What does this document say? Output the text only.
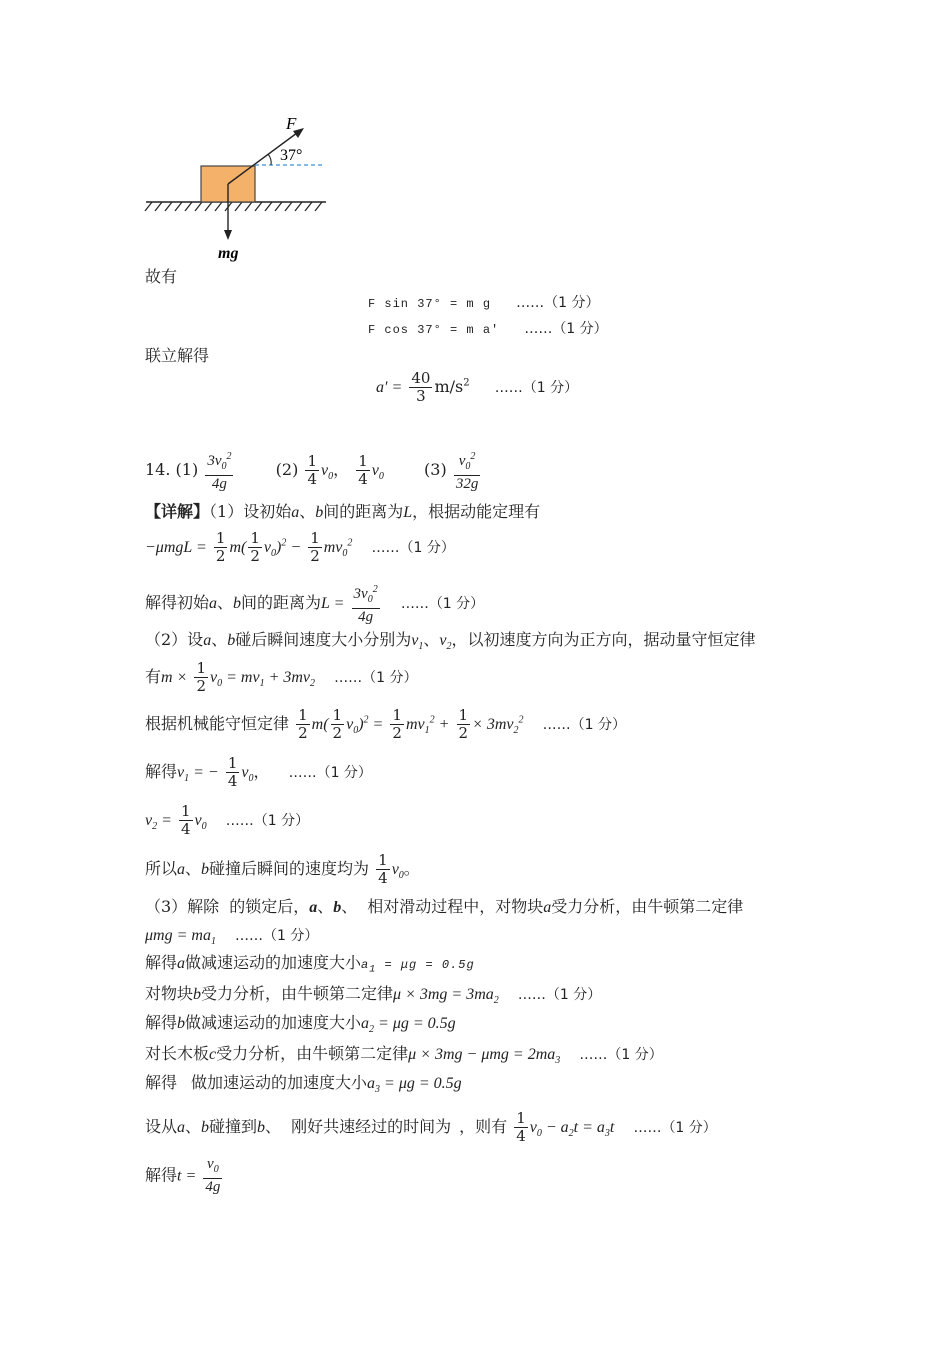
F
37°
mg
故有
F sin 37° = m g ……（1 分）
F cos 37° = m a′ ……（1 分）
联立解得
$a' = \frac{40}{3} m/s^2$ ……（1 分）
14. $(1) \frac{3v_0^2}{4g}$	$(2) \frac{1}{4} v_0$， $\frac{1}{4} v_0$	$(3) \frac{v_0^2}{32g}$
【详解】（1）设初始a、b间的距离为L，根据动能定理有
$-\mu mgL = \frac{1}{2} m( \frac{1}{2} v_0)^2 - \frac{1}{2} mv_0^2$ ……（1 分）
解得初始a、b间的距离为$L = \frac{3v_0^2}{4g}$ ……（1 分）
（2）设a、b碰后瞬间速度大小分别为$v_1$、$v_2$，以初速度方向为正方向，据动量守恒定律
有$m \times \frac{1}{2} v_0 = mv_1 + 3mv_2$ ……（1 分）
根据机械能守恒定律 $\frac{1}{2} m( \frac{1}{2} v_0)^2 = \frac{1}{2} mv_1^2 + \frac{1}{2} \times 3mv_2^2$ ……（1 分）
解得$v_1$ = − $\frac{1}{4} v_0$， ……（1 分）
$v_2 = \frac{1}{4} v_0$ ……（1 分）
所以a、b碰撞后瞬间的速度均为 $\frac{1}{4} v_0$。
（3）解除 的锁定后，a、b、 相对滑动过程中，对物块a受力分析，由牛顿第二定律
$\mu mg = ma_1$ ……（1 分）
解得a做减速运动的加速度大小$a_1 = \mu g = 0.5g$
对物块b受力分析，由牛顿第二定律$\mu \times 3mg = 3ma_2$ ……（1 分）
解得b做减速运动的加速度大小$a_2 = \mu g = 0.5g$
对长木板c受力分析，由牛顿第二定律$\mu \times 3mg - \mu mg = 2ma_3$ ……（1 分）
解得 做加速运动的加速度大小$a_3 = \mu g = 0.5g$
设从a、b碰撞到b、 刚好共速经过的时间为 ，则有 $\frac{1}{4} v_0 - a_2t = a_3t$ ……（1 分）
解得$t = \frac{v_0}{4g}$
